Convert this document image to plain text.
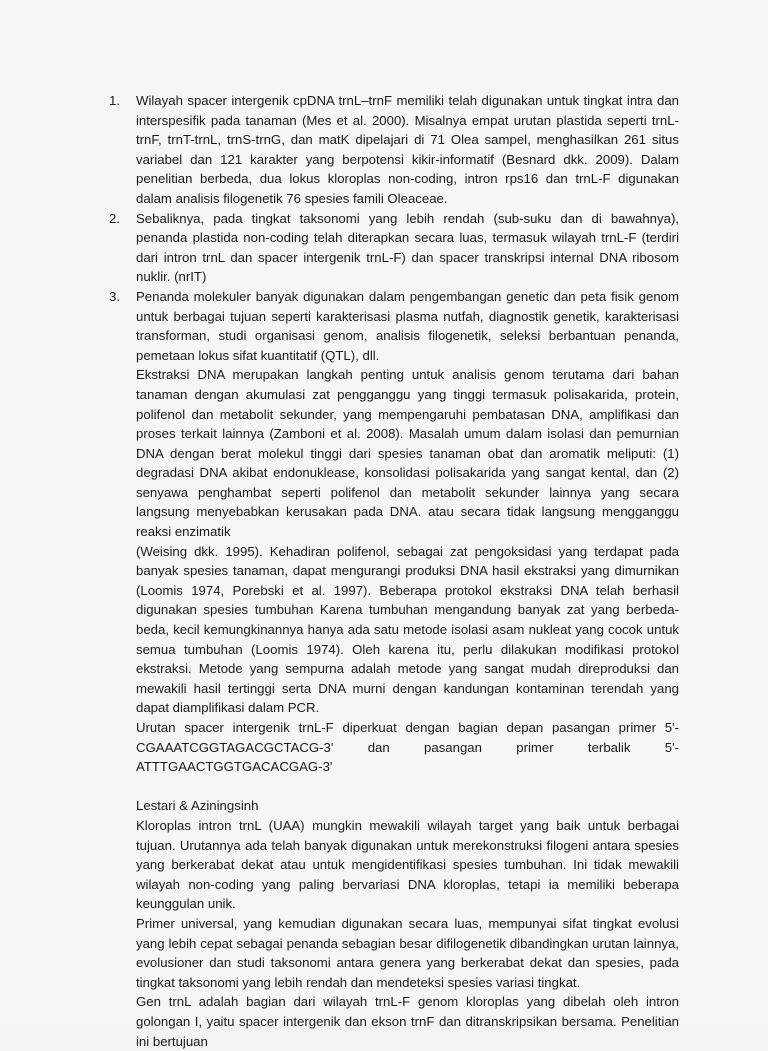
1. Wilayah spacer intergenik cpDNA trnL–trnF memiliki telah digunakan untuk tingkat intra dan interspesifik pada tanaman (Mes et al. 2000). Misalnya empat urutan plastida seperti trnL-trnF, trnT-trnL, trnS-trnG, dan matK dipelajari di 71 Olea sampel, menghasilkan 261 situs variabel dan 121 karakter yang berpotensi kikir-informatif (Besnard dkk. 2009). Dalam penelitian berbeda, dua lokus kloroplas non-coding, intron rps16 dan trnL-F digunakan dalam analisis filogenetik 76 spesies famili Oleaceae.

2. Sebaliknya, pada tingkat taksonomi yang lebih rendah (sub-suku dan di bawahnya), penanda plastida non-coding telah diterapkan secara luas, termasuk wilayah trnL-F (terdiri dari intron trnL dan spacer intergenik trnL-F) dan spacer transkripsi internal DNA ribosom nuklir. (nrIT)

3. Penanda molekuler banyak digunakan dalam pengembangan genetic dan peta fisik genom untuk berbagai tujuan seperti karakterisasi plasma nutfah, diagnostik genetik, karakterisasi transforman, studi organisasi genom, analisis filogenetik, seleksi berbantuan penanda, pemetaan lokus sifat kuantitatif (QTL), dll.

Ekstraksi DNA merupakan langkah penting untuk analisis genom terutama dari bahan tanaman dengan akumulasi zat pengganggu yang tinggi termasuk polisakarida, protein, polifenol dan metabolit sekunder, yang mempengaruhi pembatasan DNA, amplifikasi dan proses terkait lainnya (Zamboni et al. 2008). Masalah umum dalam isolasi dan pemurnian DNA dengan berat molekul tinggi dari spesies tanaman obat dan aromatik meliputi: (1) degradasi DNA akibat endonuklease, konsolidasi polisakarida yang sangat kental, dan (2) senyawa penghambat seperti polifenol dan metabolit sekunder lainnya yang secara langsung menyebabkan kerusakan pada DNA. atau secara tidak langsung mengganggu reaksi enzimatik

(Weising dkk. 1995). Kehadiran polifenol, sebagai zat pengoksidasi yang terdapat pada banyak spesies tanaman, dapat mengurangi produksi DNA hasil ekstraksi yang dimurnikan (Loomis 1974, Porebski et al. 1997). Beberapa protokol ekstraksi DNA telah berhasil digunakan spesies tumbuhan Karena tumbuhan mengandung banyak zat yang berbeda-beda, kecil kemungkinannya hanya ada satu metode isolasi asam nukleat yang cocok untuk semua tumbuhan (Loomis 1974). Oleh karena itu, perlu dilakukan modifikasi protokol ekstraksi. Metode yang sempurna adalah metode yang sangat mudah direproduksi dan mewakili hasil tertinggi serta DNA murni dengan kandungan kontaminan terendah yang dapat diamplifikasi dalam PCR.

Urutan spacer intergenik trnL-F diperkuat dengan bagian depan pasangan primer 5'-CGAAATCGGTAGACGCTACG-3' dan pasangan primer terbalik 5'-ATTTGAACTGGTGACACGAG-3'

Lestari & Aziningsinh

Kloroplas intron trnL (UAA) mungkin mewakili wilayah target yang baik untuk berbagai tujuan. Urutannya ada telah banyak digunakan untuk merekonstruksi filogeni antara spesies yang berkerabat dekat atau untuk mengidentifikasi spesies tumbuhan. Ini tidak mewakili wilayah non-coding yang paling bervariasi DNA kloroplas, tetapi ia memiliki beberapa keunggulan unik.

Primer universal, yang kemudian digunakan secara luas, mempunyai sifat tingkat evolusi yang lebih cepat sebagai penanda sebagian besar difilogenetik dibandingkan urutan lainnya, evolusioner dan studi taksonomi antara genera yang berkerabat dekat dan spesies, pada tingkat taksonomi yang lebih rendah dan mendeteksi spesies variasi tingkat.

Gen trnL adalah bagian dari wilayah trnL-F genom kloroplas yang dibelah oleh intron golongan I, yaitu spacer intergenik dan ekson trnF dan ditranskripsikan bersama. Penelitian ini bertujuan
